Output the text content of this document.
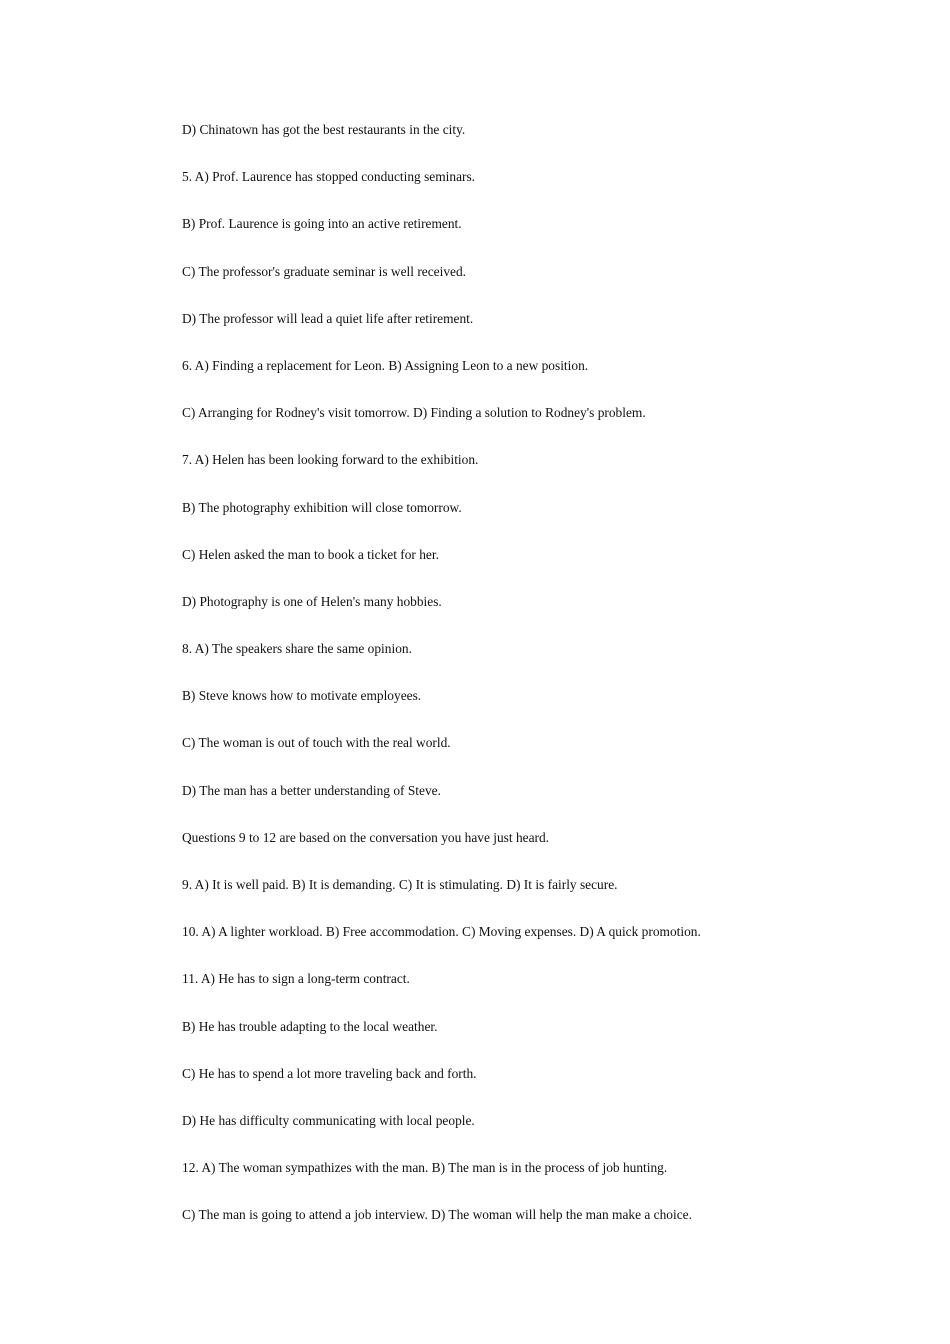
D) Chinatown has got the best restaurants in the city.
5. A) Prof. Laurence has stopped conducting seminars.
B) Prof. Laurence is going into an active retirement.
C) The professor's graduate seminar is well received.
D) The professor will lead a quiet life after retirement.
6. A) Finding a replacement for Leon. B) Assigning Leon to a new position.
C) Arranging for Rodney's visit tomorrow. D) Finding a solution to Rodney's problem.
7. A) Helen has been looking forward to the exhibition.
B) The photography exhibition will close tomorrow.
C) Helen asked the man to book a ticket for her.
D) Photography is one of Helen's many hobbies.
8. A) The speakers share the same opinion.
B) Steve knows how to motivate employees.
C) The woman is out of touch with the real world.
D) The man has a better understanding of Steve.
Questions 9 to 12 are based on the conversation you have just heard.
9. A) It is well paid. B) It is demanding. C) It is stimulating. D) It is fairly secure.
10. A) A lighter workload. B) Free accommodation. C) Moving expenses. D) A quick promotion.
11. A) He has to sign a long-term contract.
B) He has trouble adapting to the local weather.
C) He has to spend a lot more traveling back and forth.
D) He has difficulty communicating with local people.
12. A) The woman sympathizes with the man. B) The man is in the process of job hunting.
C) The man is going to attend a job interview. D) The woman will help the man make a choice.
